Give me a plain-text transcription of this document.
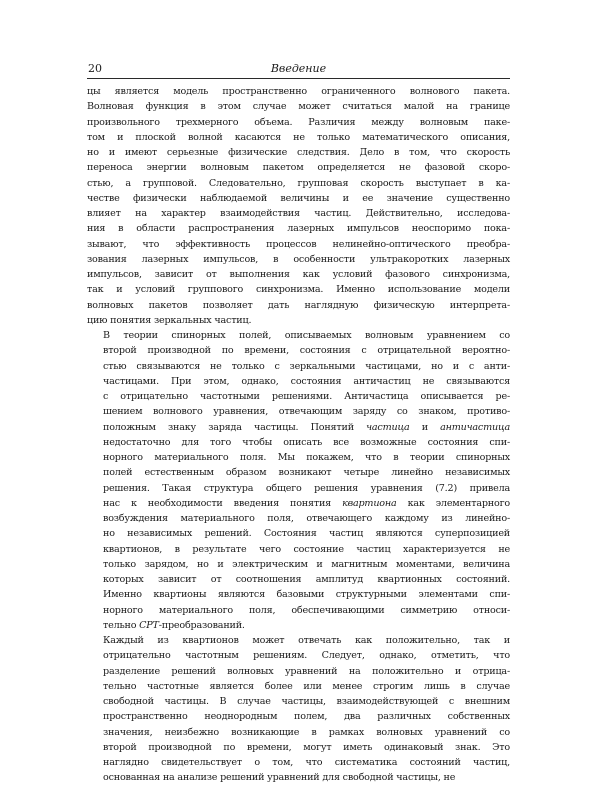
20	Введение
цы является модель пространственно ограниченного волнового пакета.
Волновая функция в этом случае может считаться малой на границе
произвольного трехмерного объема. Различия между волновым паке-
том и плоской волной касаются не только математического описания,
но и имеют серьезные физические следствия. Дело в том, что скорость
переноса энергии волновым пакетом определяется не фазовой скоро-
стью, а групповой. Следовательно, групповая скорость выступает в ка-
честве физически наблюдаемой величины и ее значение существенно
влияет на характер взаимодействия частиц. Действительно, исследова-
ния в области распространения лазерных импульсов неоспоримо пока-
зывают, что эффективность процессов нелинейно-оптического преобра-
зования лазерных импульсов, в особенности ультракоротких лазерных
импульсов, зависит от выполнения как условий фазового синхронизма,
так и условий группового синхронизма. Именно использование модели
волновых пакетов позволяет дать наглядную физическую интерпрета-
цию понятия зеркальных частиц.
В теории спинорных полей, описываемых волновым уравнением со
второй производной по времени, состояния с отрицательной вероятно-
стью связываются не только с зеркальными частицами, но и с анти-
частицами. При этом, однако, состояния античастиц не связываются
с отрицательно частотными решениями. Античастица описывается ре-
шением волнового уравнения, отвечающим заряду со знаком, противо-
положным знаку заряда частицы. Понятий частица и античастица
недостаточно для того чтобы описать все возможные состояния спи-
норного материального поля. Мы покажем, что в теории спинорных
полей естественным образом возникают четыре линейно независимых
решения. Такая структура общего решения уравнения (7.2) привела
нас к необходимости введения понятия квартиона как элементарного
возбуждения материального поля, отвечающего каждому из линейно-
но независимых решений. Состояния частиц являются суперпозицией
квартионов, в результате чего состояние частиц характеризуется не
только зарядом, но и электрическим и магнитным моментами, величина
которых зависит от соотношения амплитуд квартионных состояний.
Именно квартионы являются базовыми структурными элементами спи-
норного материального поля, обеспечивающими симметрию относи-
тельно CPT-преобразований.
Каждый из квартионов может отвечать как положительно, так и
отрицательно частотным решениям. Следует, однако, отметить, что
разделение решений волновых уравнений на положительно и отрица-
тельно частотные является более или менее строгим лишь в случае
свободной частицы. В случае частицы, взаимодействующей с внешним
пространственно неоднородным полем, два различных собственных
значения, неизбежно возникающие в рамках волновых уравнений со
второй производной по времени, могут иметь одинаковый знак. Это
наглядно свидетельствует о том, что систематика состояний частиц,
основанная на анализе решений уравнений для свободной частицы, не
